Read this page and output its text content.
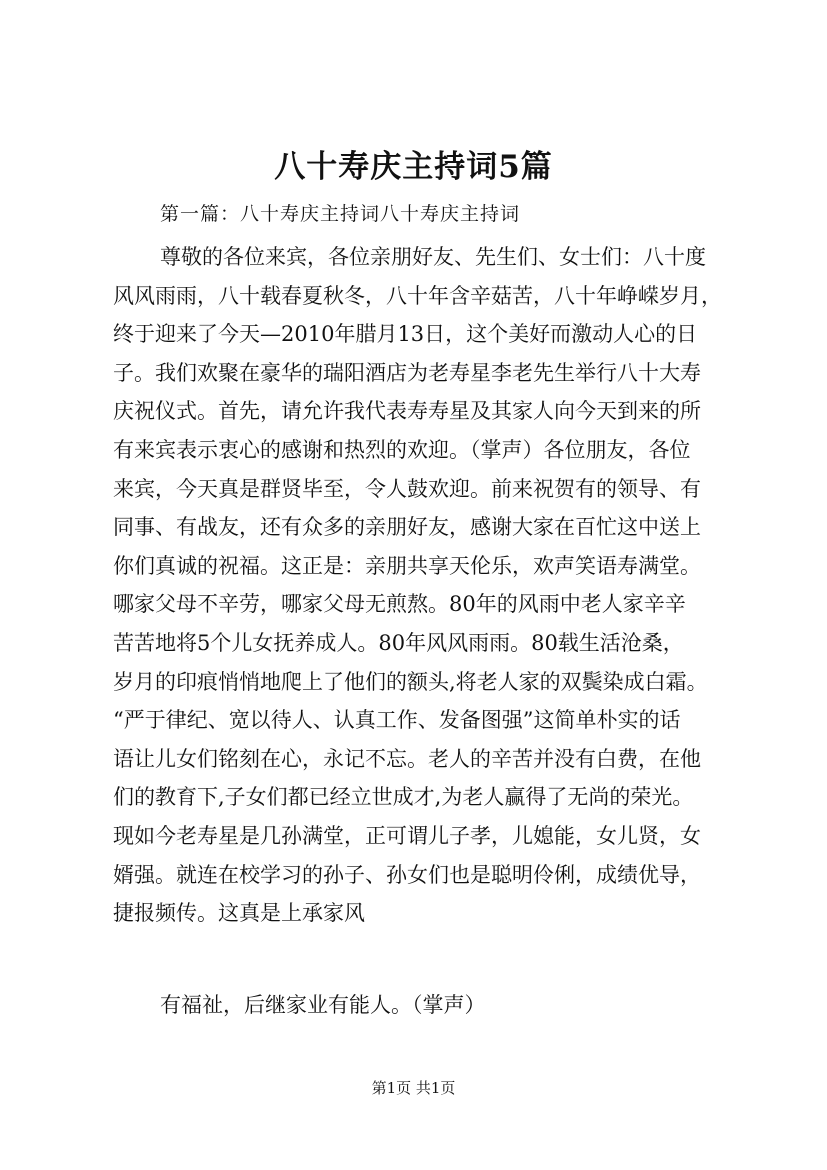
八十寿庆主持词5篇
第一篇：八十寿庆主持词八十寿庆主持词
尊敬的各位来宾，各位亲朋好友、先生们、女士们：八十度
风风雨雨，八十载春夏秋冬，八十年含辛菇苦，八十年峥嵘岁月，
终于迎来了今天—2010年腊月13日，这个美好而激动人心的日
子。我们欢聚在豪华的瑞阳酒店为老寿星李老先生举行八十大寿
庆祝仪式。首先，请允许我代表寿寿星及其家人向今天到来的所
有来宾表示衷心的感谢和热烈的欢迎。（掌声）各位朋友，各位
来宾，今天真是群贤毕至，令人鼓欢迎。前来祝贺有的领导、有
同事、有战友，还有众多的亲朋好友，感谢大家在百忙这中送上
你们真诚的祝福。这正是：亲朋共享天伦乐，欢声笑语寿满堂。
哪家父母不辛劳，哪家父母无煎熬。80年的风雨中老人家辛辛
苦苦地将5个儿女抚养成人。80年风风雨雨。80载生活沧桑，
岁月的印痕悄悄地爬上了他们的额头,将老人家的双鬓染成白霜。
“严于律纪、宽以待人、认真工作、发备图强”这简单朴实的话
语让儿女们铭刻在心，永记不忘。老人的辛苦并没有白费，在他
们的教育下,子女们都已经立世成才,为老人赢得了无尚的荣光。
现如今老寿星是几孙满堂，正可谓儿子孝，儿媳能，女儿贤，女
婿强。就连在校学习的孙子、孙女们也是聪明伶俐，成绩优导，
捷报频传。这真是上承家风
有福祉，后继家业有能人。（掌声）
第1页 共1页
